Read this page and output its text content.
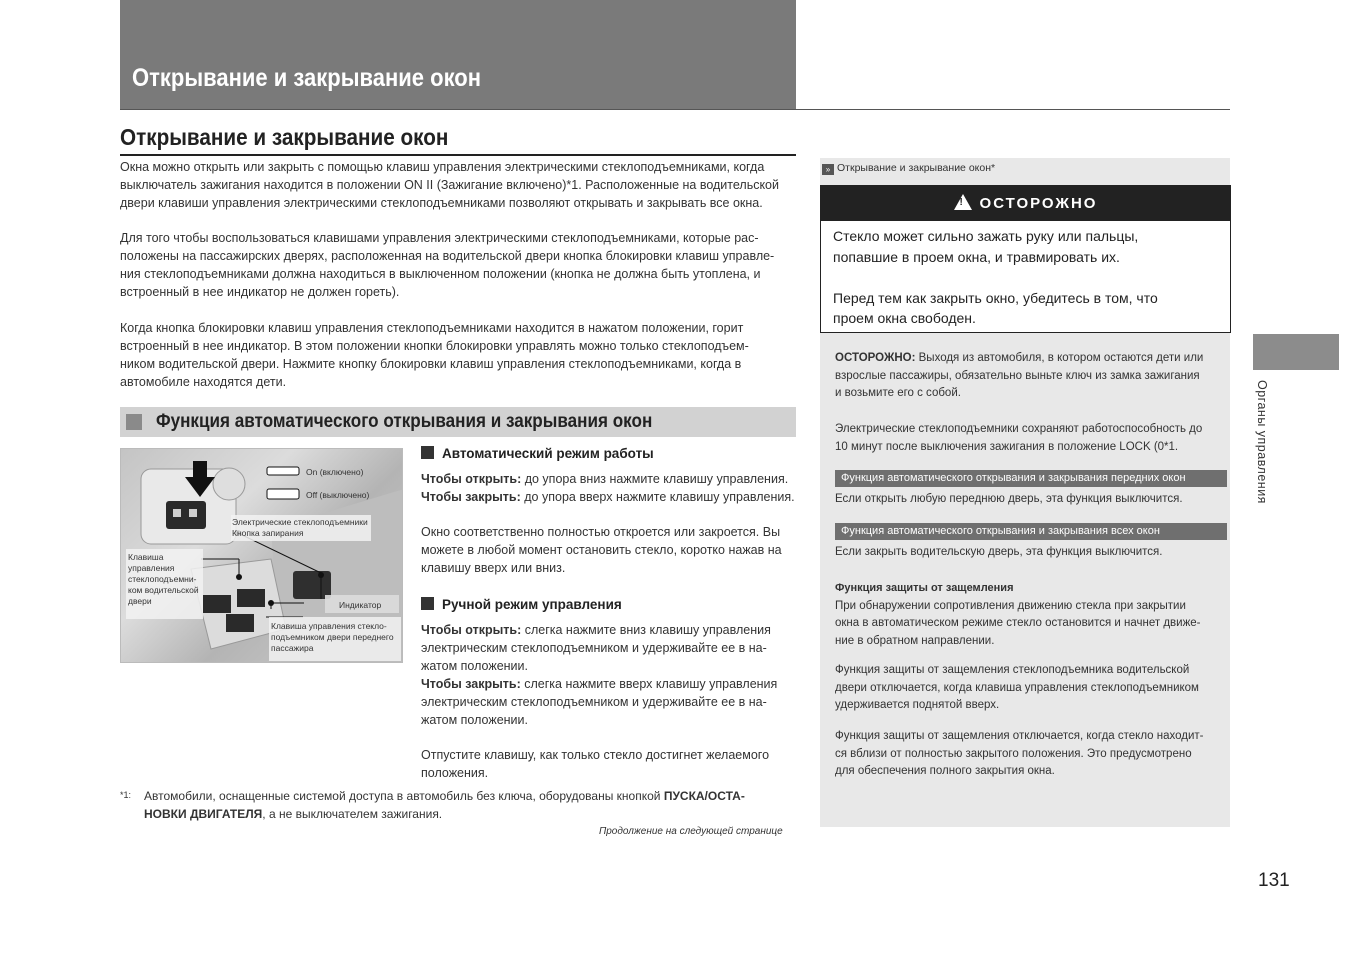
Открывание и закрывание окон
Открывание и закрывание окон
Окна можно открыть или закрыть с помощью клавиш управления электрическими стеклоподъемниками, когда
выключатель зажигания находится в положении ON II (Зажигание включено)*1. Расположенные на водительской
двери клавиши управления электрическими стеклоподъемниками позволяют открывать и закрывать все окна.
Для того чтобы воспользоваться клавишами управления электрическими стеклоподъемниками, которые рас-
положены на пассажирских дверях, расположенная на водительской двери кнопка блокировки клавиш управле-
ния стеклоподъемниками должна находиться в выключенном положении (кнопка не должна быть утоплена, и
встроенный в нее индикатор не должен гореть).
Когда кнопка блокировки клавиш управления стеклоподъемниками находится в нажатом положении, горит
встроенный в нее индикатор. В этом положении кнопки блокировки управлять можно только стеклоподъем-
ником водительской двери. Нажмите кнопку блокировки клавиш управления стеклоподъемниками, когда в
автомобиле находятся дети.
Функция автоматического открывания и закрывания окон
On (включено)
Off (выключено)
Электрические стеклоподъемники
Кнопка запирания
Клавиша
управления
стеклоподъемни-
ком водительской
двери	Индикатор
Клавиша управления стекло-
подъемником двери переднего
пассажира
Автоматический режим работы
Чтобы открыть: до упора вниз нажмите клавишу управления.
Чтобы закрыть: до упора вверх нажмите клавишу управления.
Окно соответственно полностью откроется или закроется. Вы
можете в любой момент остановить стекло, коротко нажав на
клавишу вверх или вниз.
Ручной режим управления
Чтобы открыть: слегка нажмите вниз клавишу управления
электрическим стеклоподъемником и удерживайте ее в на-
жатом положении.
Чтобы закрыть: слегка нажмите вверх клавишу управления
электрическим стеклоподъемником и удерживайте ее в на-
жатом положении.
Отпустите клавишу, как только стекло достигнет желаемого
положения.
*1: Автомобили, оснащенные системой доступа в автомобиль без ключа, оборудованы кнопкой ПУСКА/ОСТА-
НОВКИ ДВИГАТЕЛЯ, а не выключателем зажигания.
Продолжение на следующей странице
» Открывание и закрывание окон*
! ОСТОРОЖНО
Стекло может сильно зажать руку или пальцы,
попавшие в проем окна, и травмировать их.
Перед тем как закрыть окно, убедитесь в том, что
проем окна свободен.
ОСТОРОЖНО: Выходя из автомобиля, в котором остаются дети или
взрослые пассажиры, обязательно выньте ключ из замка зажигания
и возьмите его с собой.
Электрические стеклоподъемники сохраняют работоспособность до
10 минут после выключения зажигания в положение LOCK (0*1.
Функция автоматического открывания и закрывания передних окон
Если открыть любую переднюю дверь, эта функция выключится.
Функция автоматического открывания и закрывания всех окон
Если закрыть водительскую дверь, эта функция выключится.
Функция защиты от защемления
При обнаружении сопротивления движению стекла при закрытии
окна в автоматическом режиме стекло остановится и начнет движе-
ние в обратном направлении.
Функция защиты от защемления стеклоподъемника водительской
двери отключается, когда клавиша управления стеклоподъемником
удерживается поднятой вверх.
Функция защиты от защемления отключается, когда стекло находит-
ся вблизи от полностью закрытого положения. Это предусмотрено
для обеспечения полного закрытия окна.
Органы управления
131
